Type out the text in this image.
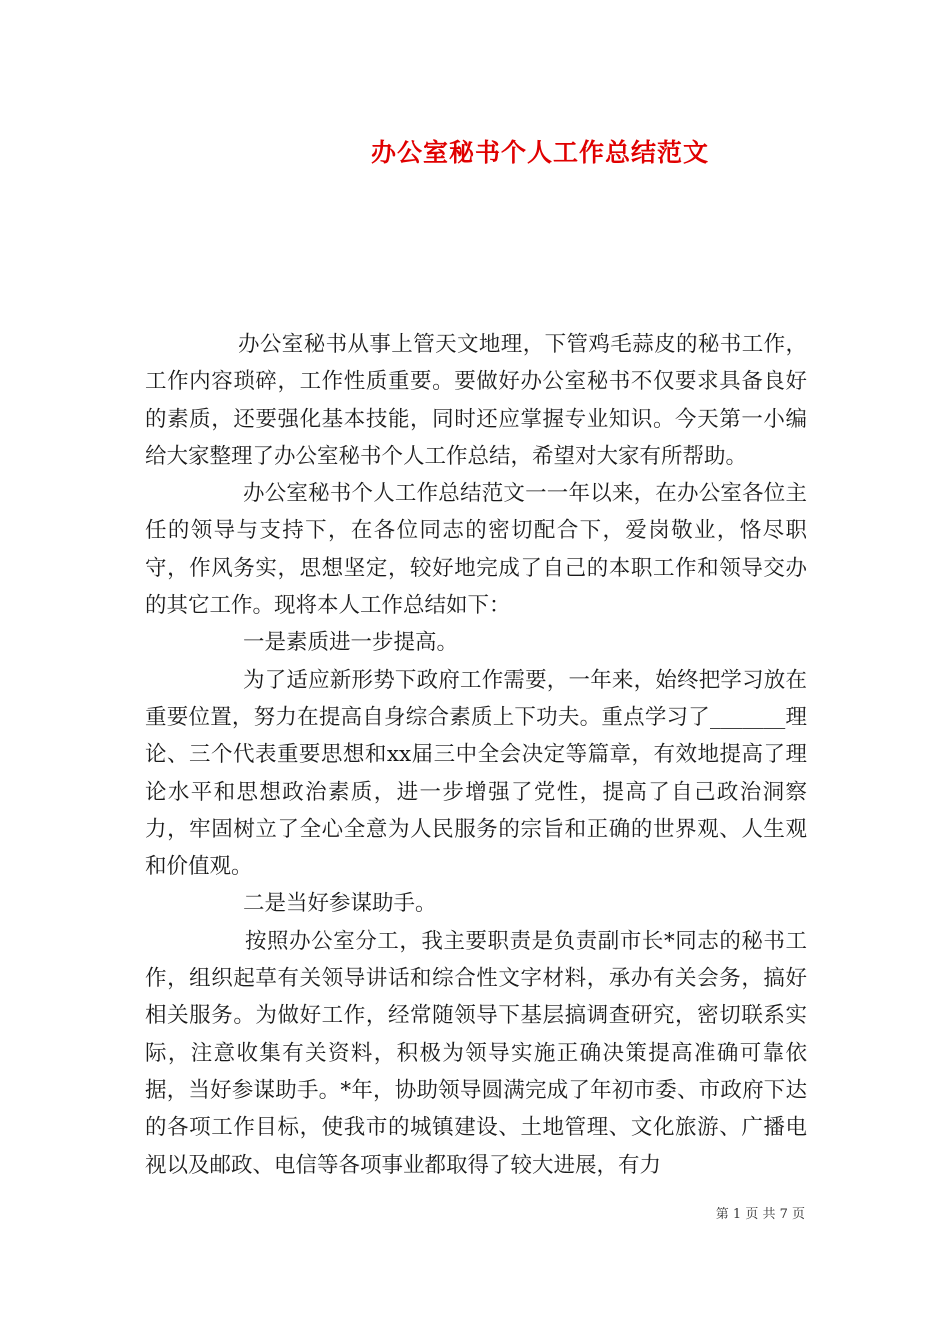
办公室秘书个人工作总结范文

办公室秘书从事上管天文地理，下管鸡毛蒜皮的秘书工作，工作内容琐碎，工作性质重要。要做好办公室秘书不仅要求具备良好的素质，还要强化基本技能，同时还应掌握专业知识。今天第一小编给大家整理了办公室秘书个人工作总结，希望对大家有所帮助。

办公室秘书个人工作总结范文一一年以来，在办公室各位主任的领导与支持下，在各位同志的密切配合下，爱岗敬业，恪尽职守，作风务实，思想坚定，较好地完成了自己的本职工作和领导交办的其它工作。现将本人工作总结如下：

一是素质进一步提高。

为了适应新形势下政府工作需要，一年来，始终把学习放在重要位置，努力在提高自身综合素质上下功夫。重点学习了_______理论、三个代表重要思想和xx届三中全会决定等篇章，有效地提高了理论水平和思想政治素质，进一步增强了党性，提高了自己政治洞察力，牢固树立了全心全意为人民服务的宗旨和正确的世界观、人生观和价值观。

二是当好参谋助手。

按照办公室分工，我主要职责是负责副市长*同志的秘书工作，组织起草有关领导讲话和综合性文字材料，承办有关会务，搞好相关服务。为做好工作，经常随领导下基层搞调查研究，密切联系实际，注意收集有关资料，积极为领导实施正确决策提高准确可靠依据，当好参谋助手。*年，协助领导圆满完成了年初市委、市政府下达的各项工作目标，使我市的城镇建设、土地管理、文化旅游、广播电视以及邮政、电信等各项事业都取得了较大进展，有力

第 1 页 共 7 页
